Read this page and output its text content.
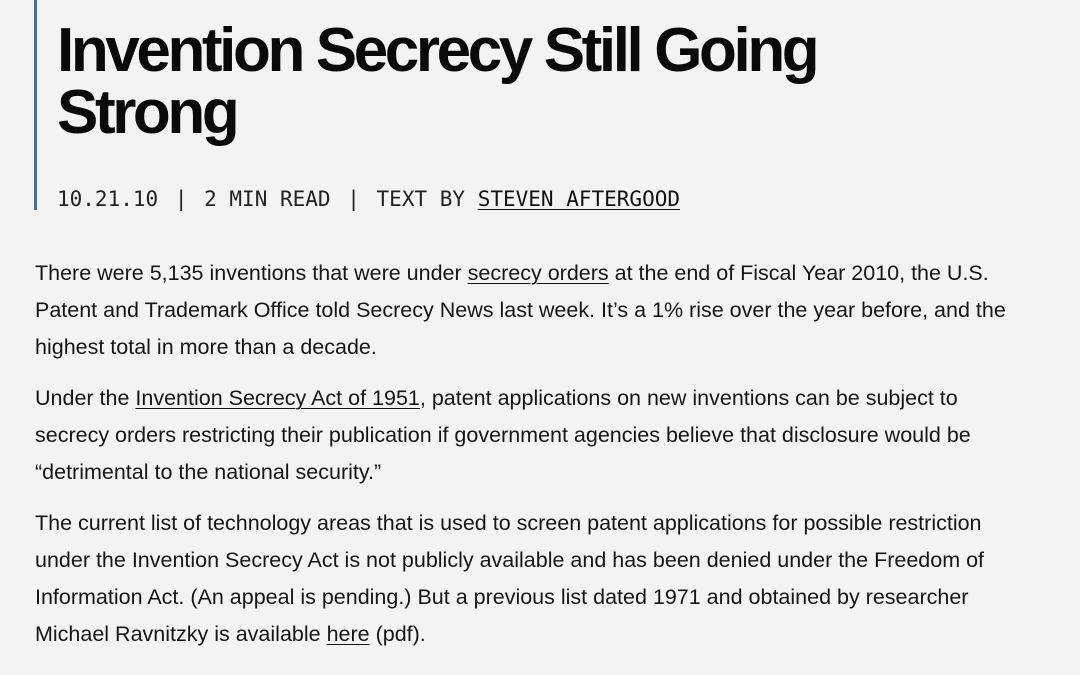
Invention Secrecy Still Going Strong
10.21.10 | 2 MIN READ | TEXT BY STEVEN AFTERGOOD

There were 5,135 inventions that were under secrecy orders at the end of Fiscal Year 2010, the U.S. Patent and Trademark Office told Secrecy News last week. It’s a 1% rise over the year before, and the highest total in more than a decade.

Under the Invention Secrecy Act of 1951, patent applications on new inventions can be subject to secrecy orders restricting their publication if government agencies believe that disclosure would be “detrimental to the national security.”

The current list of technology areas that is used to screen patent applications for possible restriction under the Invention Secrecy Act is not publicly available and has been denied under the Freedom of Information Act. (An appeal is pending.) But a previous list dated 1971 and obtained by researcher Michael Ravnitzky is available here (pdf).
